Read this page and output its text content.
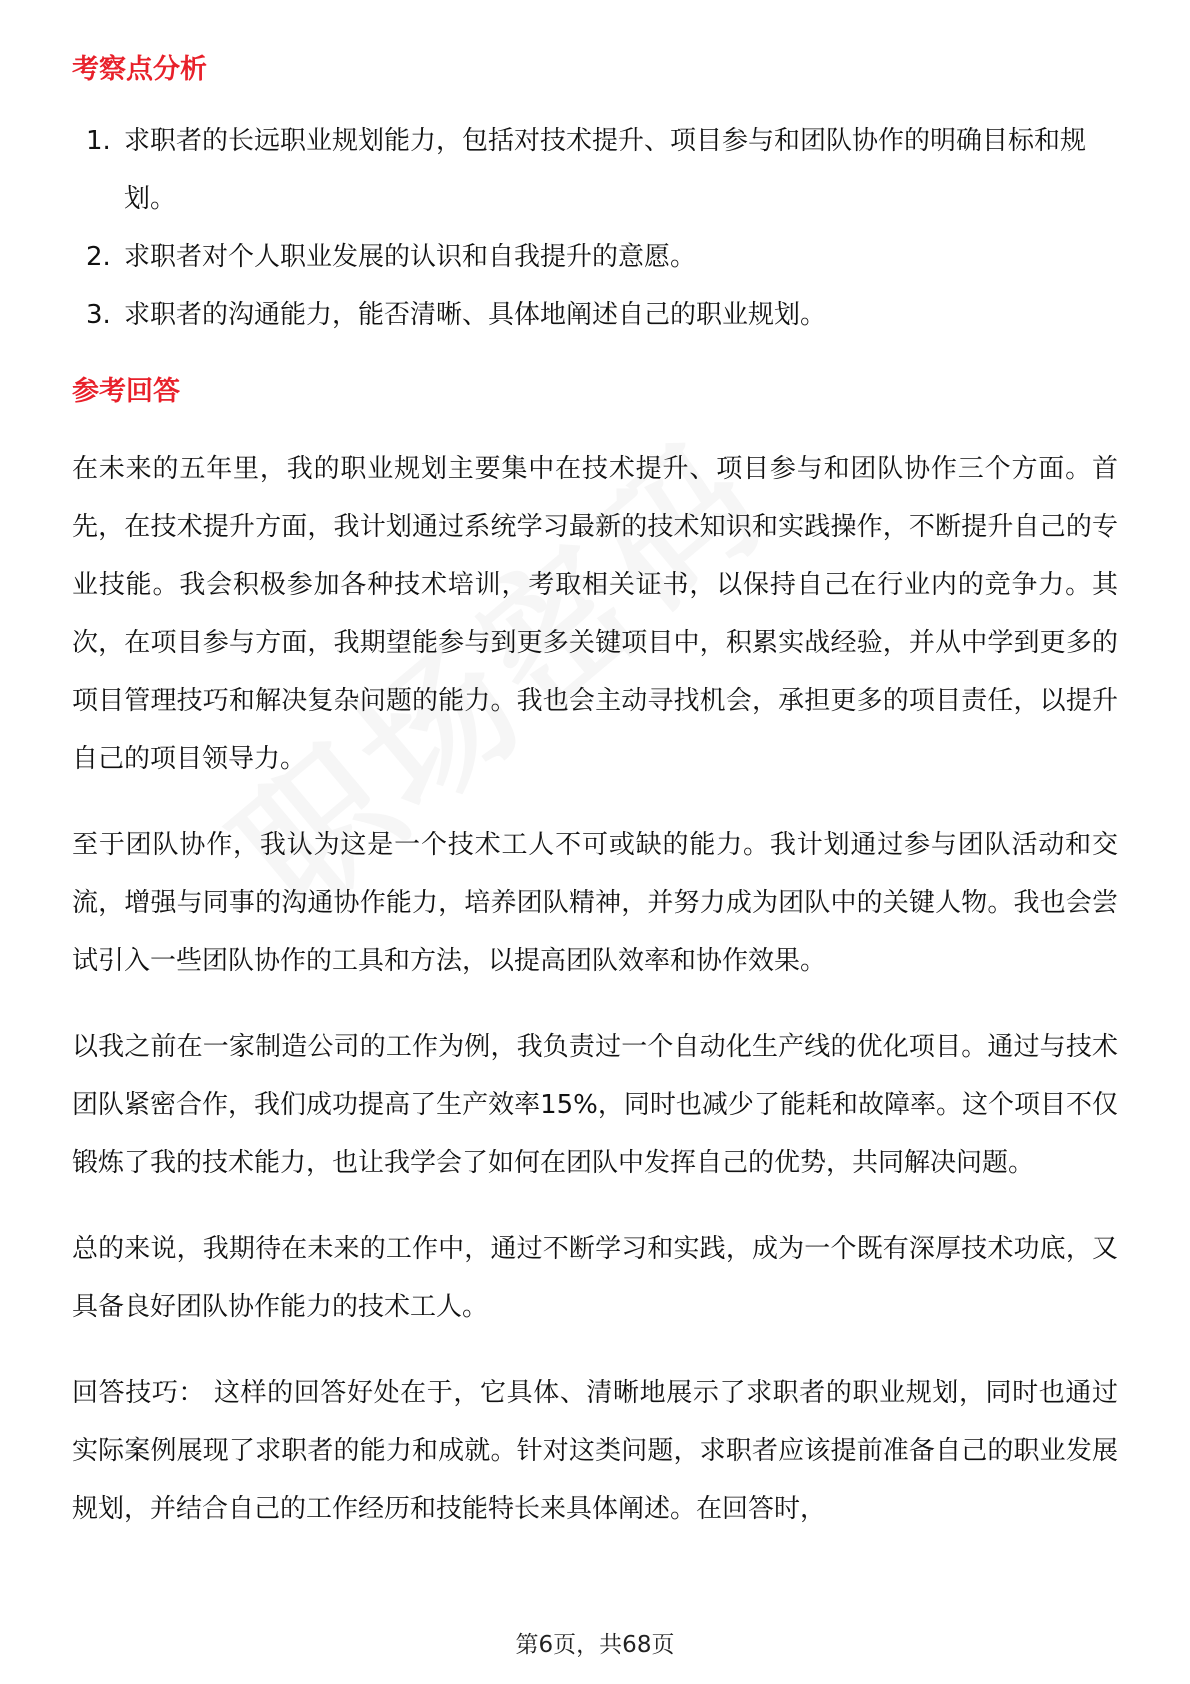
考察点分析
1. 求职者的长远职业规划能力，包括对技术提升、项目参与和团队协作的明确目标和规划。
2. 求职者对个人职业发展的认识和自我提升的意愿。
3. 求职者的沟通能力，能否清晰、具体地阐述自己的职业规划。
参考回答

在未来的五年里，我的职业规划主要集中在技术提升、项目参与和团队协作三个方面。首先，在技术提升方面，我计划通过系统学习最新的技术知识和实践操作，不断提升自己的专业技能。我会积极参加各种技术培训，考取相关证书，以保持自己在行业内的竞争力。其次，在项目参与方面，我期望能参与到更多关键项目中，积累实战经验，并从中学到更多的项目管理技巧和解决复杂问题的能力。我也会主动寻找机会，承担更多的项目责任，以提升自己的项目领导力。

至于团队协作，我认为这是一个技术工人不可或缺的能力。我计划通过参与团队活动和交流，增强与同事的沟通协作能力，培养团队精神，并努力成为团队中的关键人物。我也会尝试引入一些团队协作的工具和方法，以提高团队效率和协作效果。

以我之前在一家制造公司的工作为例，我负责过一个自动化生产线的优化项目。通过与技术团队紧密合作，我们成功提高了生产效率15%，同时也减少了能耗和故障率。这个项目不仅锻炼了我的技术能力，也让我学会了如何在团队中发挥自己的优势，共同解决问题。

总的来说，我期待在未来的工作中，通过不断学习和实践，成为一个既有深厚技术功底，又具备良好团队协作能力的技术工人。

回答技巧： 这样的回答好处在于，它具体、清晰地展示了求职者的职业规划，同时也通过实际案例展现了求职者的能力和成就。针对这类问题，求职者应该提前准备自己的职业发展规划，并结合自己的工作经历和技能特长来具体阐述。在回答时，

第6页，共68页
